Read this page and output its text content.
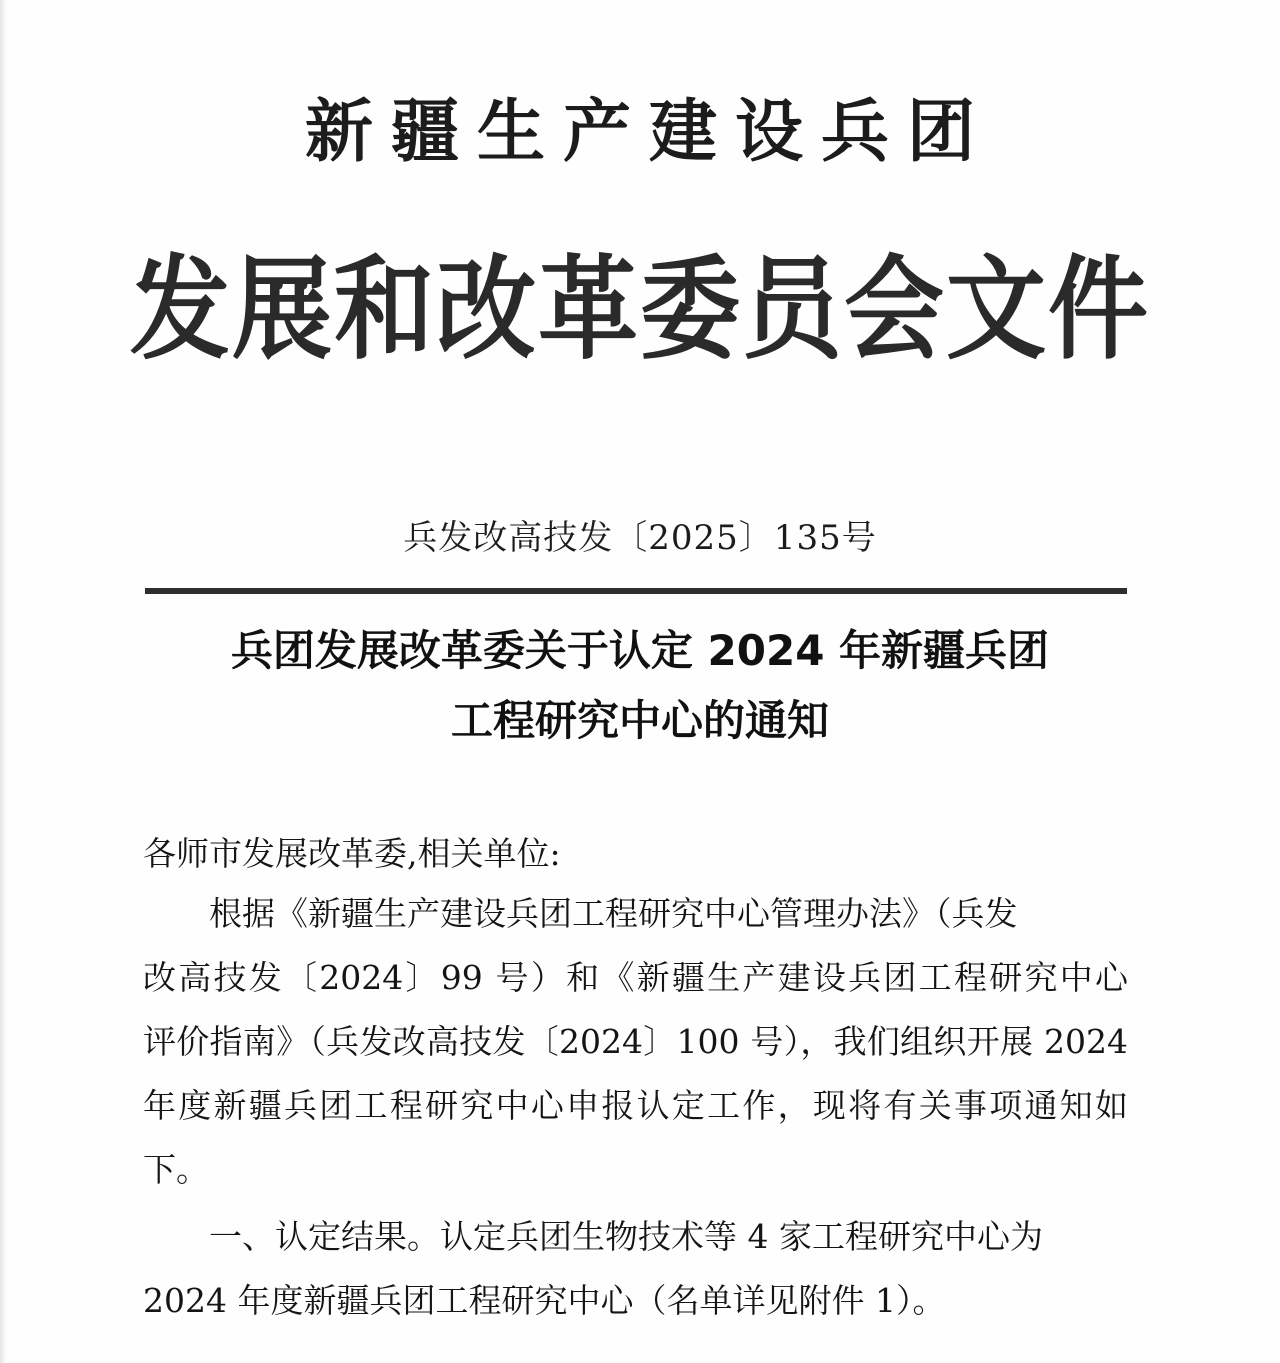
新疆生产建设兵团
发展和改革委员会文件
兵发改高技发〔2025〕135号
兵团发展改革委关于认定 2024 年新疆兵团
工程研究中心的通知
各师市发展改革委,相关单位:
根据《新疆生产建设兵团工程研究中心管理办法》（兵发
改高技发〔2024〕99 号）和《新疆生产建设兵团工程研究中心
评价指南》（兵发改高技发〔2024〕100 号），我们组织开展 2024
年度新疆兵团工程研究中心申报认定工作，现将有关事项通知如
下。
一、认定结果。认定兵团生物技术等 4 家工程研究中心为
2024 年度新疆兵团工程研究中心（名单详见附件 1）。
